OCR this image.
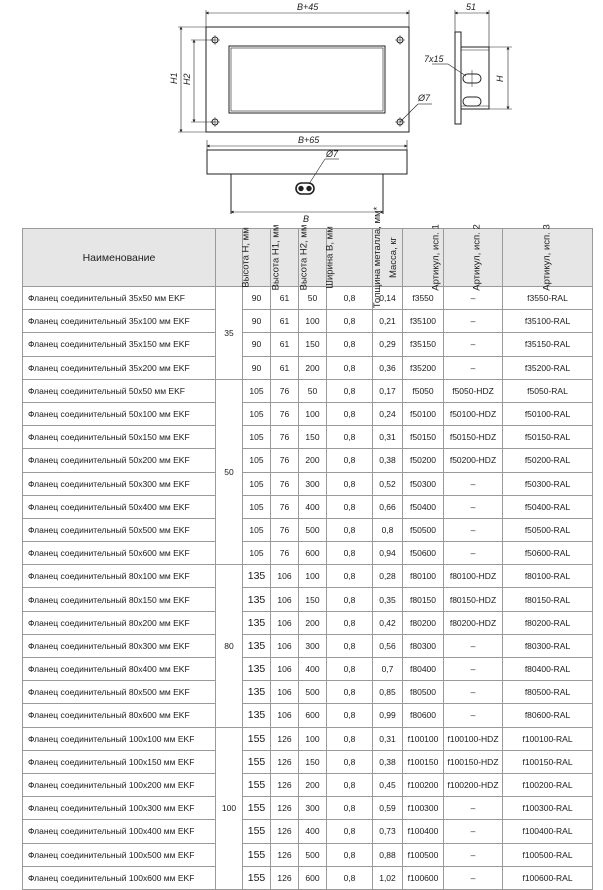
B+45
H1 H2
Ø7
51
7x15
H
B+65
Ø7
B
Наименование	Высота Н, мм	Высота Н1, мм	Высота Н2, мм	Ширина В, мм	Толщина металла, мм*	Масса, кг	Артикул, исп. 1	Артикул, исп. 2	Артикул, исп. 3
Фланец соединительный 35х50 мм EKF	35	90	61	50	0,8	0,14	f3550	–	f3550-RAL
Фланец соединительный 35х100 мм EKF		90	61	100	0,8	0,21	f35100	–	f35100-RAL
Фланец соединительный 35х150 мм EKF		90	61	150	0,8	0,29	f35150	–	f35150-RAL
Фланец соединительный 35х200 мм EKF		90	61	200	0,8	0,36	f35200	–	f35200-RAL
Фланец соединительный 50х50 мм EKF	50	105	76	50	0,8	0,17	f5050	f5050-HDZ	f5050-RAL
Фланец соединительный 50х100 мм EKF		105	76	100	0,8	0,24	f50100	f50100-HDZ	f50100-RAL
Фланец соединительный 50х150 мм EKF		105	76	150	0,8	0,31	f50150	f50150-HDZ	f50150-RAL
Фланец соединительный 50х200 мм EKF		105	76	200	0,8	0,38	f50200	f50200-HDZ	f50200-RAL
Фланец соединительный 50х300 мм EKF		105	76	300	0,8	0,52	f50300	–	f50300-RAL
Фланец соединительный 50х400 мм EKF		105	76	400	0,8	0,66	f50400	–	f50400-RAL
Фланец соединительный 50х500 мм EKF		105	76	500	0,8	0,8	f50500	–	f50500-RAL
Фланец соединительный 50х600 мм EKF		105	76	600	0,8	0,94	f50600	–	f50600-RAL
Фланец соединительный 80х100 мм EKF	80	135	106	100	0,8	0,28	f80100	f80100-HDZ	f80100-RAL
Фланец соединительный 80х150 мм EKF		135	106	150	0,8	0,35	f80150	f80150-HDZ	f80150-RAL
Фланец соединительный 80х200 мм EKF		135	106	200	0,8	0,42	f80200	f80200-HDZ	f80200-RAL
Фланец соединительный 80х300 мм EKF		135	106	300	0,8	0,56	f80300	–	f80300-RAL
Фланец соединительный 80х400 мм EKF		135	106	400	0,8	0,7	f80400	–	f80400-RAL
Фланец соединительный 80х500 мм EKF		135	106	500	0,8	0,85	f80500	–	f80500-RAL
Фланец соединительный 80х600 мм EKF		135	106	600	0,8	0,99	f80600	–	f80600-RAL
Фланец соединительный 100х100 мм EKF	100	155	126	100	0,8	0,31	f100100	f100100-HDZ	f100100-RAL
Фланец соединительный 100х150 мм EKF		155	126	150	0,8	0,38	f100150	f100150-HDZ	f100150-RAL
Фланец соединительный 100х200 мм EKF		155	126	200	0,8	0,45	f100200	f100200-HDZ	f100200-RAL
Фланец соединительный 100х300 мм EKF		155	126	300	0,8	0,59	f100300	–	f100300-RAL
Фланец соединительный 100х400 мм EKF		155	126	400	0,8	0,73	f100400	–	f100400-RAL
Фланец соединительный 100х500 мм EKF		155	126	500	0,8	0,88	f100500	–	f100500-RAL
Фланец соединительный 100х600 мм EKF		155	126	600	0,8	1,02	f100600	–	f100600-RAL
